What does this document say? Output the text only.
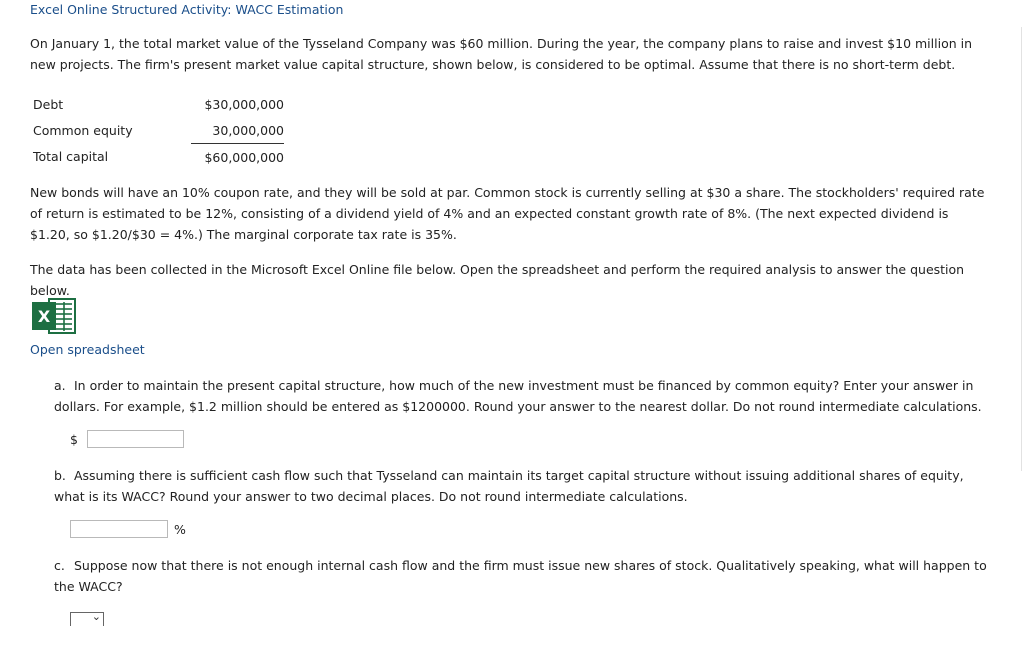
Excel Online Structured Activity: WACC Estimation

On January 1, the total market value of the Tysseland Company was $60 million. During the year, the company plans to raise and invest $10 million in new projects. The firm's present market value capital structure, shown below, is considered to be optimal. Assume that there is no short-term debt.

Debt	$30,000,000
Common equity	30,000,000
Total capital	$60,000,000

New bonds will have an 10% coupon rate, and they will be sold at par. Common stock is currently selling at $30 a share. The stockholders' required rate of return is estimated to be 12%, consisting of a dividend yield of 4% and an expected constant growth rate of 8%. (The next expected dividend is $1.20, so $1.20/$30 = 4%.) The marginal corporate tax rate is 35%.

The data has been collected in the Microsoft Excel Online file below. Open the spreadsheet and perform the required analysis to answer the question below.

X
Open spreadsheet

a. In order to maintain the present capital structure, how much of the new investment must be financed by common equity? Enter your answer in dollars. For example, $1.2 million should be entered as $1200000. Round your answer to the nearest dollar. Do not round intermediate calculations.

$

b. Assuming there is sufficient cash flow such that Tysseland can maintain its target capital structure without issuing additional shares of equity, what is its WACC? Round your answer to two decimal places. Do not round intermediate calculations.

%

c. Suppose now that there is not enough internal cash flow and the firm must issue new shares of stock. Qualitatively speaking, what will happen to the WACC?

⌄
